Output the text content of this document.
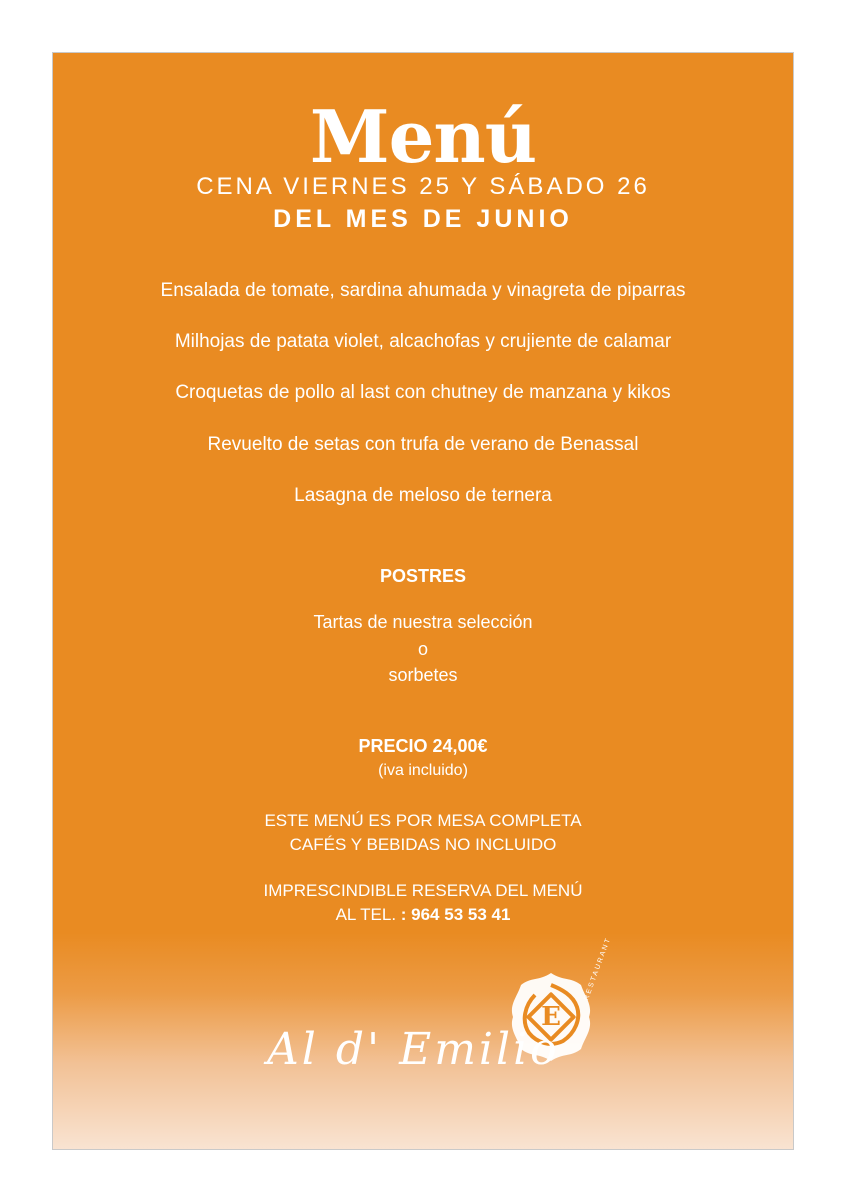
Menú
CENA VIERNES 25 Y SÁBADO 26
DEL MES DE JUNIO
Ensalada de tomate, sardina ahumada y vinagreta de piparras
Milhojas de patata violet, alcachofas y crujiente de calamar
Croquetas de pollo al last con chutney de manzana y kikos
Revuelto de setas con trufa de verano de Benassal
Lasagna de meloso de ternera
POSTRES
Tartas de nuestra selección
o
sorbetes
PRECIO 24,00€
(iva incluido)
ESTE MENÚ ES POR MESA COMPLETA
CAFÉS Y BEBIDAS NO INCLUIDO
IMPRESCINDIBLE RESERVA DEL MENÚ
AL TEL. : 964 53 53 41
E
RESTAURANT
Al d' Emilio
